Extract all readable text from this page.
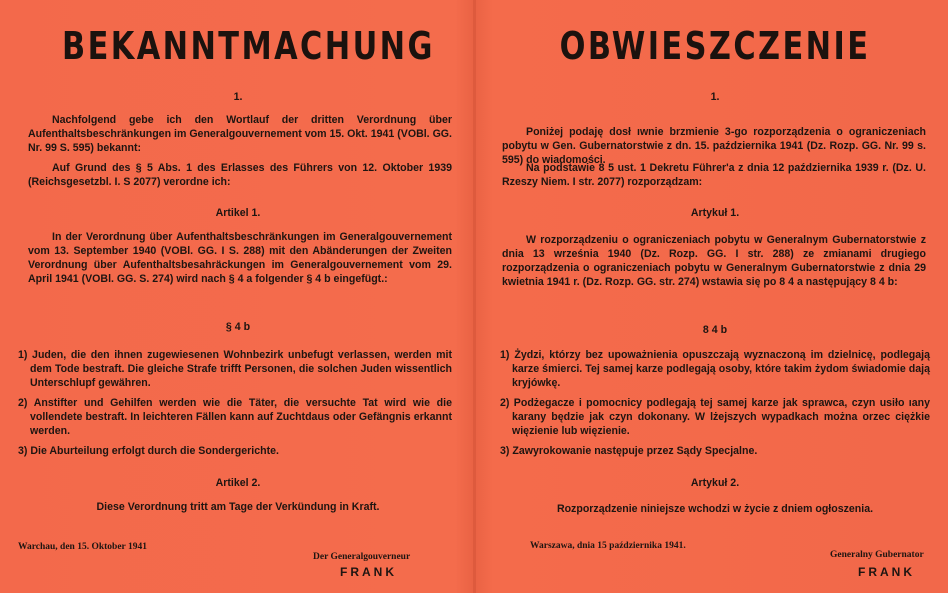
BEKANNTMACHUNG
1.
Nachfolgend gebe ich den Wortlauf der dritten Verordnung über Aufenthaltsbeschränkungen im Generalgouvernement vom 15. Okt. 1941 (VOBl. GG. Nr. 99 S. 595) bekannt:
Auf Grund des § 5 Abs. 1 des Erlasses des Führers von 12. Oktober 1939 (Reichsgesetzbl. I. S 2077) verordne ich:
Artikel 1.
In der Verordnung über Aufenthaltsbeschränkungen im Generalgouvernement vom 13. September 1940 (VOBl. GG. I S. 288) mit den Abänderungen der Zweiten Verordnung über Aufenthaltsbesahräckungen im Generalgouvernement vom 29. April 1941 (VOBl. GG. S. 274) wird nach § 4 a folgender § 4 b eingefügt.:
§ 4 b
1) Juden, die den ihnen zugewiesenen Wohnbezirk unbefugt verlassen, werden mit dem Tode bestraft. Die gleiche Strafe trifft Personen, die solchen Juden wissentlich Unterschlupf gewähren.
2) Anstifter und Gehilfen werden wie die Täter, die versuchte Tat wird wie die vollendete bestraft. In leichteren Fällen kann auf Zuchtdaus oder Gefängnis erkannt werden.
3) Die Aburteilung erfolgt durch die Sondergerichte.
Artikel 2.
Diese Verordnung tritt am Tage der Verkündung in Kraft.
Warchau, den 15. Oktober 1941
Der Generalgouverneur
FRANK
OBWIESZCZENIE
1.
Poniżej podaję dosł ıwnie brzmienie 3-go rozporządzenia o ograniczeniach pobytu w Gen. Gubernatorstwie z dn. 15. października 1941 (Dz. Rozp. GG. Nr. 99 s. 595) do wiadomości.
Na podstawie 8 5 ust. 1 Dekretu Führer'a z dnia 12 października 1939 r. (Dz. U. Rzeszy Niem. I str. 2077) rozporządzam:
Artykuł 1.
W rozporządzeniu o ograniczeniach pobytu w Generalnym Gubernatorstwie z dnia 13 września 1940 (Dz. Rozp. GG. I str. 288) ze zmianami drugiego rozporządzenia o ograniczeniach pobytu w Generalnym Gubernatorstwie z dnia 29 kwietnia 1941 r. (Dz. Rozp. GG. str. 274) wstawia się po 8 4 a następujący 8 4 b:
8 4 b
1) Żydzi, którzy bez upoważnienia opuszczają wyznaczoną im dzielnicę, podlegają karze śmierci. Tej samej karze podlegają osoby, które takim żydom świadomie dają kryjówkę.
2) Podżegacze i pomocnicy podlegają tej samej karze jak sprawca, czyn usiło ıany karany będzie jak czyn dokonany. W lżejszych wypadkach można orzec ciężkie więzienie lub więzienie.
3) Zawyrokowanie następuje przez Sądy Specjalne.
Artykuł 2.
Rozporządzenie niniejsze wchodzi w życie z dniem ogłoszenia.
Warszawa, dnia 15 października 1941.
Generalny Gubernator
FRANK
